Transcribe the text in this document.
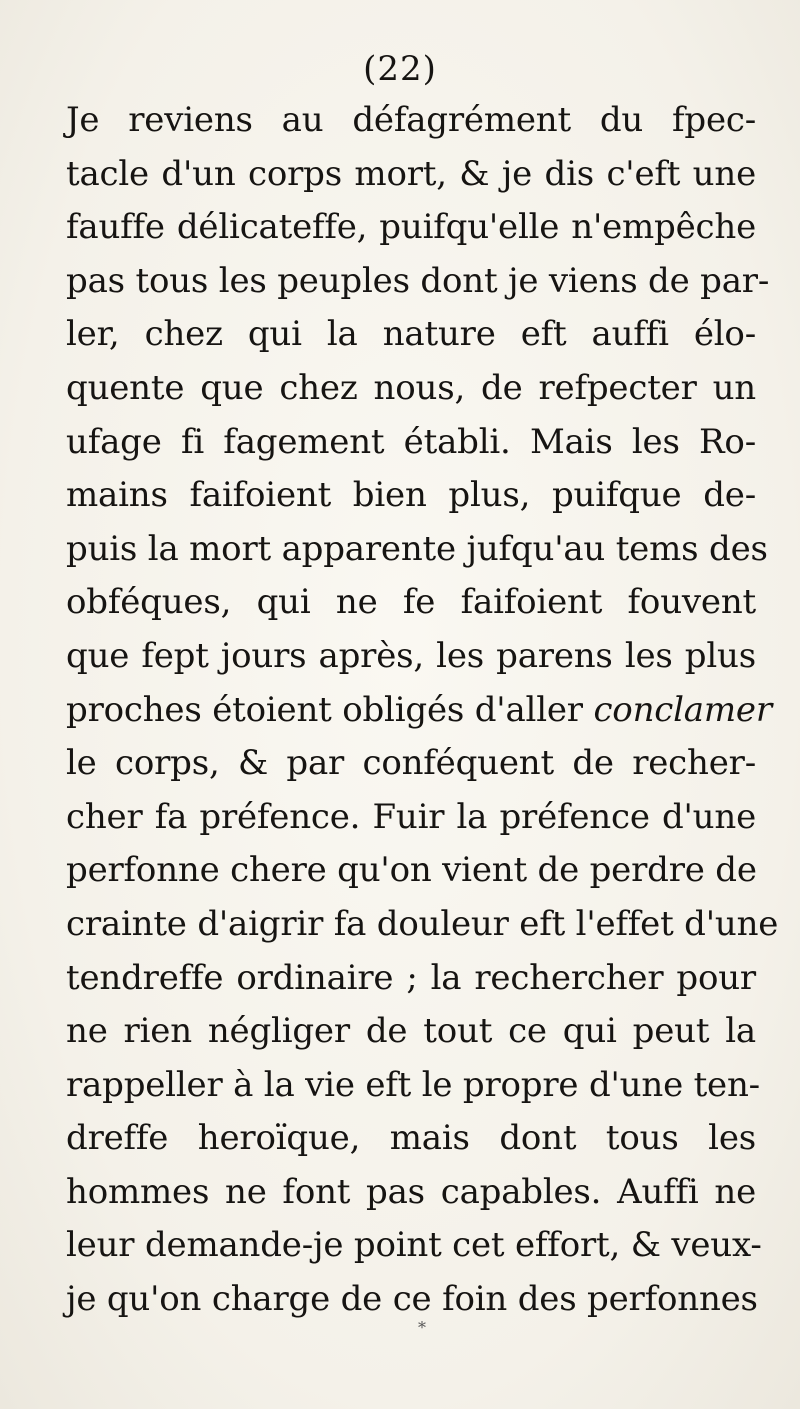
(22)
Je reviens au défagrément du fpec-
tacle d'un corps mort, & je dis c'eft une
fauffe délicateffe, puifqu'elle n'empêche
pas tous les peuples dont je viens de par-
ler, chez qui la nature eft auffi élo-
quente que chez nous, de refpecter un
ufage fi fagement établi. Mais les Ro-
mains faifoient bien plus, puifque de-
puis la mort apparente jufqu'au tems des
obféques, qui ne fe faifoient fouvent
que fept jours après, les parens les plus
proches étoient obligés d'aller conclamer
le corps, & par conféquent de recher-
cher fa préfence. Fuir la préfence d'une
perfonne chere qu'on vient de perdre de
crainte d'aigrir fa douleur eft l'effet d'une
tendreffe ordinaire ; la rechercher pour
ne rien négliger de tout ce qui peut la
rappeller à la vie eft le propre d'une ten-
dreffe heroïque, mais dont tous les
hommes ne font pas capables. Auffi ne
leur demande-je point cet effort, & veux-
je qu'on charge de ce foin des perfonnes
*
